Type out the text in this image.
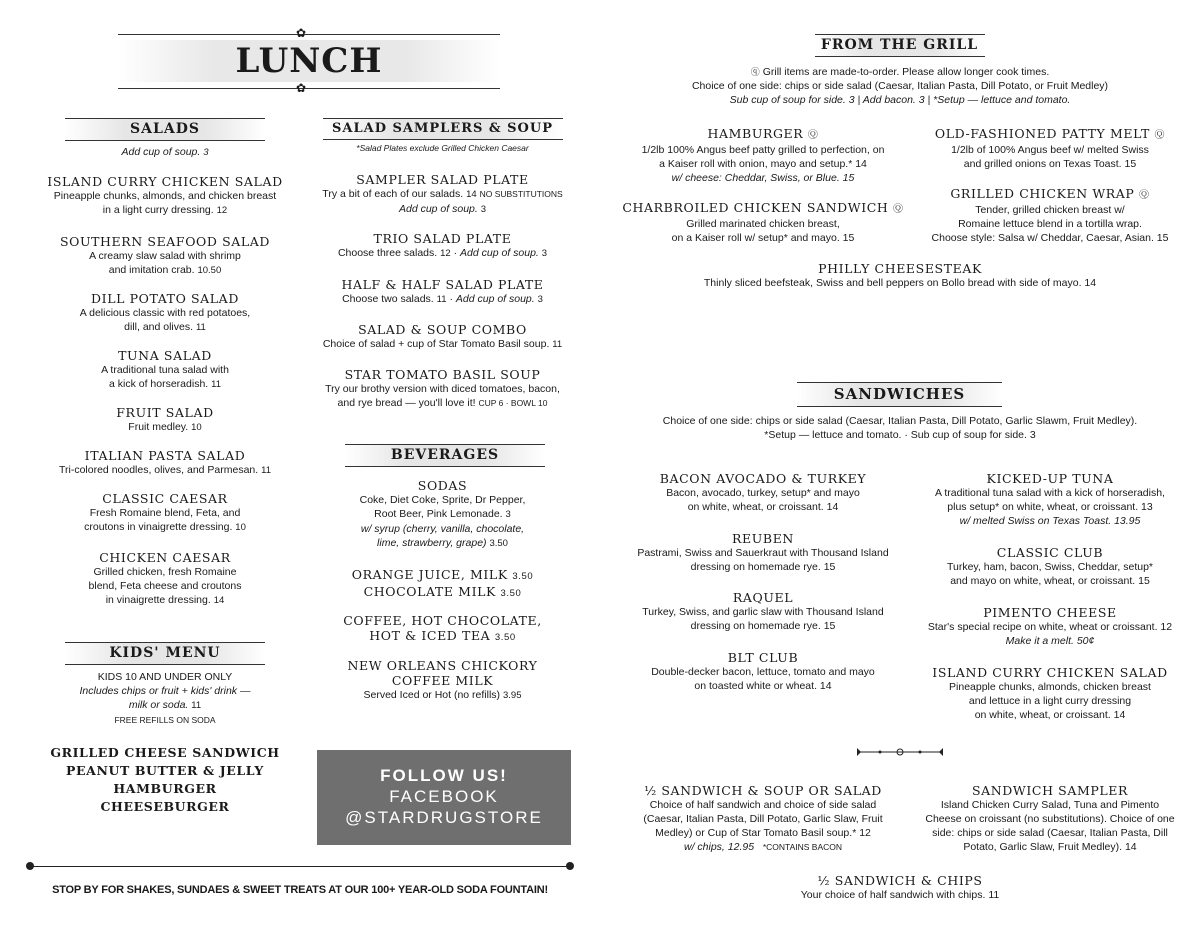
✿
LUNCH
✿
SALADS
Add cup of soup. 3
ISLAND CURRY CHICKEN SALAD
Pineapple chunks, almonds, and chicken breast
in a light curry dressing. 12
SOUTHERN SEAFOOD SALAD
A creamy slaw salad with shrimp
and imitation crab. 10.50
DILL POTATO SALAD
A delicious classic with red potatoes,
dill, and olives. 11
TUNA SALAD
A traditional tuna salad with
a kick of horseradish. 11
FRUIT SALAD
Fruit medley. 10
ITALIAN PASTA SALAD
Tri-colored noodles, olives, and Parmesan. 11
CLASSIC CAESAR
Fresh Romaine blend, Feta, and
croutons in vinaigrette dressing. 10
CHICKEN CAESAR
Grilled chicken, fresh Romaine
blend, Feta cheese and croutons
in vinaigrette dressing. 14
KIDS' MENU
KIDS 10 AND UNDER ONLY
Includes chips or fruit + kids' drink —
milk or soda. 11
FREE REFILLS ON SODA
GRILLED CHEESE SANDWICH
PEANUT BUTTER & JELLY
HAMBURGER
CHEESEBURGER
SALAD SAMPLERS & SOUP
*Salad Plates exclude Grilled Chicken Caesar
SAMPLER SALAD PLATE
Try a bit of each of our salads. 14 NO SUBSTITUTIONS
Add cup of soup. 3
TRIO SALAD PLATE
Choose three salads. 12 · Add cup of soup. 3
HALF & HALF SALAD PLATE
Choose two salads. 11 · Add cup of soup. 3
SALAD & SOUP COMBO
Choice of salad + cup of Star Tomato Basil soup. 11
STAR TOMATO BASIL SOUP
Try our brothy version with diced tomatoes, bacon,
and rye bread — you'll love it! CUP 6 · BOWL 10
BEVERAGES
SODAS
Coke, Diet Coke, Sprite, Dr Pepper,
Root Beer, Pink Lemonade. 3
w/ syrup (cherry, vanilla, chocolate,
lime, strawberry, grape) 3.50
ORANGE JUICE, MILK 3.50
CHOCOLATE MILK 3.50
COFFEE, HOT CHOCOLATE,
HOT & ICED TEA 3.50
NEW ORLEANS CHICKORY
COFFEE MILK
Served Iced or Hot (no refills) 3.95
FOLLOW US!
FACEBOOK
@STARDRUGSTORE
STOP BY FOR SHAKES, SUNDAES & SWEET TREATS AT OUR 100+ YEAR-OLD SODA FOUNTAIN!
FROM THE GRILL
ⓠ Grill items are made-to-order. Please allow longer cook times.
Choice of one side: chips or side salad (Caesar, Italian Pasta, Dill Potato, or Fruit Medley)
Sub cup of soup for side. 3 | Add bacon. 3 | *Setup — lettuce and tomato.
HAMBURGER Ⓠ
1/2lb 100% Angus beef patty grilled to perfection, on
a Kaiser roll with onion, mayo and setup.* 14
w/ cheese: Cheddar, Swiss, or Blue. 15
OLD-FASHIONED PATTY MELT Ⓠ
1/2lb of 100% Angus beef w/ melted Swiss
and grilled onions on Texas Toast. 15
CHARBROILED CHICKEN SANDWICH Ⓠ
Grilled marinated chicken breast,
on a Kaiser roll w/ setup* and mayo. 15
GRILLED CHICKEN WRAP Ⓠ
Tender, grilled chicken breast w/
Romaine lettuce blend in a tortilla wrap.
Choose style: Salsa w/ Cheddar, Caesar, Asian. 15
PHILLY CHEESESTEAK
Thinly sliced beefsteak, Swiss and bell peppers on Bollo bread with side of mayo. 14
SANDWICHES
Choice of one side: chips or side salad (Caesar, Italian Pasta, Dill Potato, Garlic Slawm, Fruit Medley).
*Setup — lettuce and tomato. · Sub cup of soup for side. 3
BACON AVOCADO & TURKEY
Bacon, avocado, turkey, setup* and mayo
on white, wheat, or croissant. 14
KICKED-UP TUNA
A traditional tuna salad with a kick of horseradish,
plus setup* on white, wheat, or croissant. 13
w/ melted Swiss on Texas Toast. 13.95
REUBEN
Pastrami, Swiss and Sauerkraut with Thousand Island
dressing on homemade rye. 15
CLASSIC CLUB
Turkey, ham, bacon, Swiss, Cheddar, setup*
and mayo on white, wheat, or croissant. 15
RAQUEL
Turkey, Swiss, and garlic slaw with Thousand Island
dressing on homemade rye. 15
PIMENTO CHEESE
Star's special recipe on white, wheat or croissant. 12
Make it a melt. 50¢
BLT CLUB
Double-decker bacon, lettuce, tomato and mayo
on toasted white or wheat. 14
ISLAND CURRY CHICKEN SALAD
Pineapple chunks, almonds, chicken breast
and lettuce in a light curry dressing
on white, wheat, or croissant. 14
½ SANDWICH & SOUP OR SALAD
Choice of half sandwich and choice of side salad
(Caesar, Italian Pasta, Dill Potato, Garlic Slaw, Fruit
Medley) or Cup of Star Tomato Basil soup.* 12
w/ chips, 12.95 *CONTAINS BACON
SANDWICH SAMPLER
Island Chicken Curry Salad, Tuna and Pimento
Cheese on croissant (no substitutions). Choice of one
side: chips or side salad (Caesar, Italian Pasta, Dill
Potato, Garlic Slaw, Fruit Medley). 14
½ SANDWICH & CHIPS
Your choice of half sandwich with chips. 11
